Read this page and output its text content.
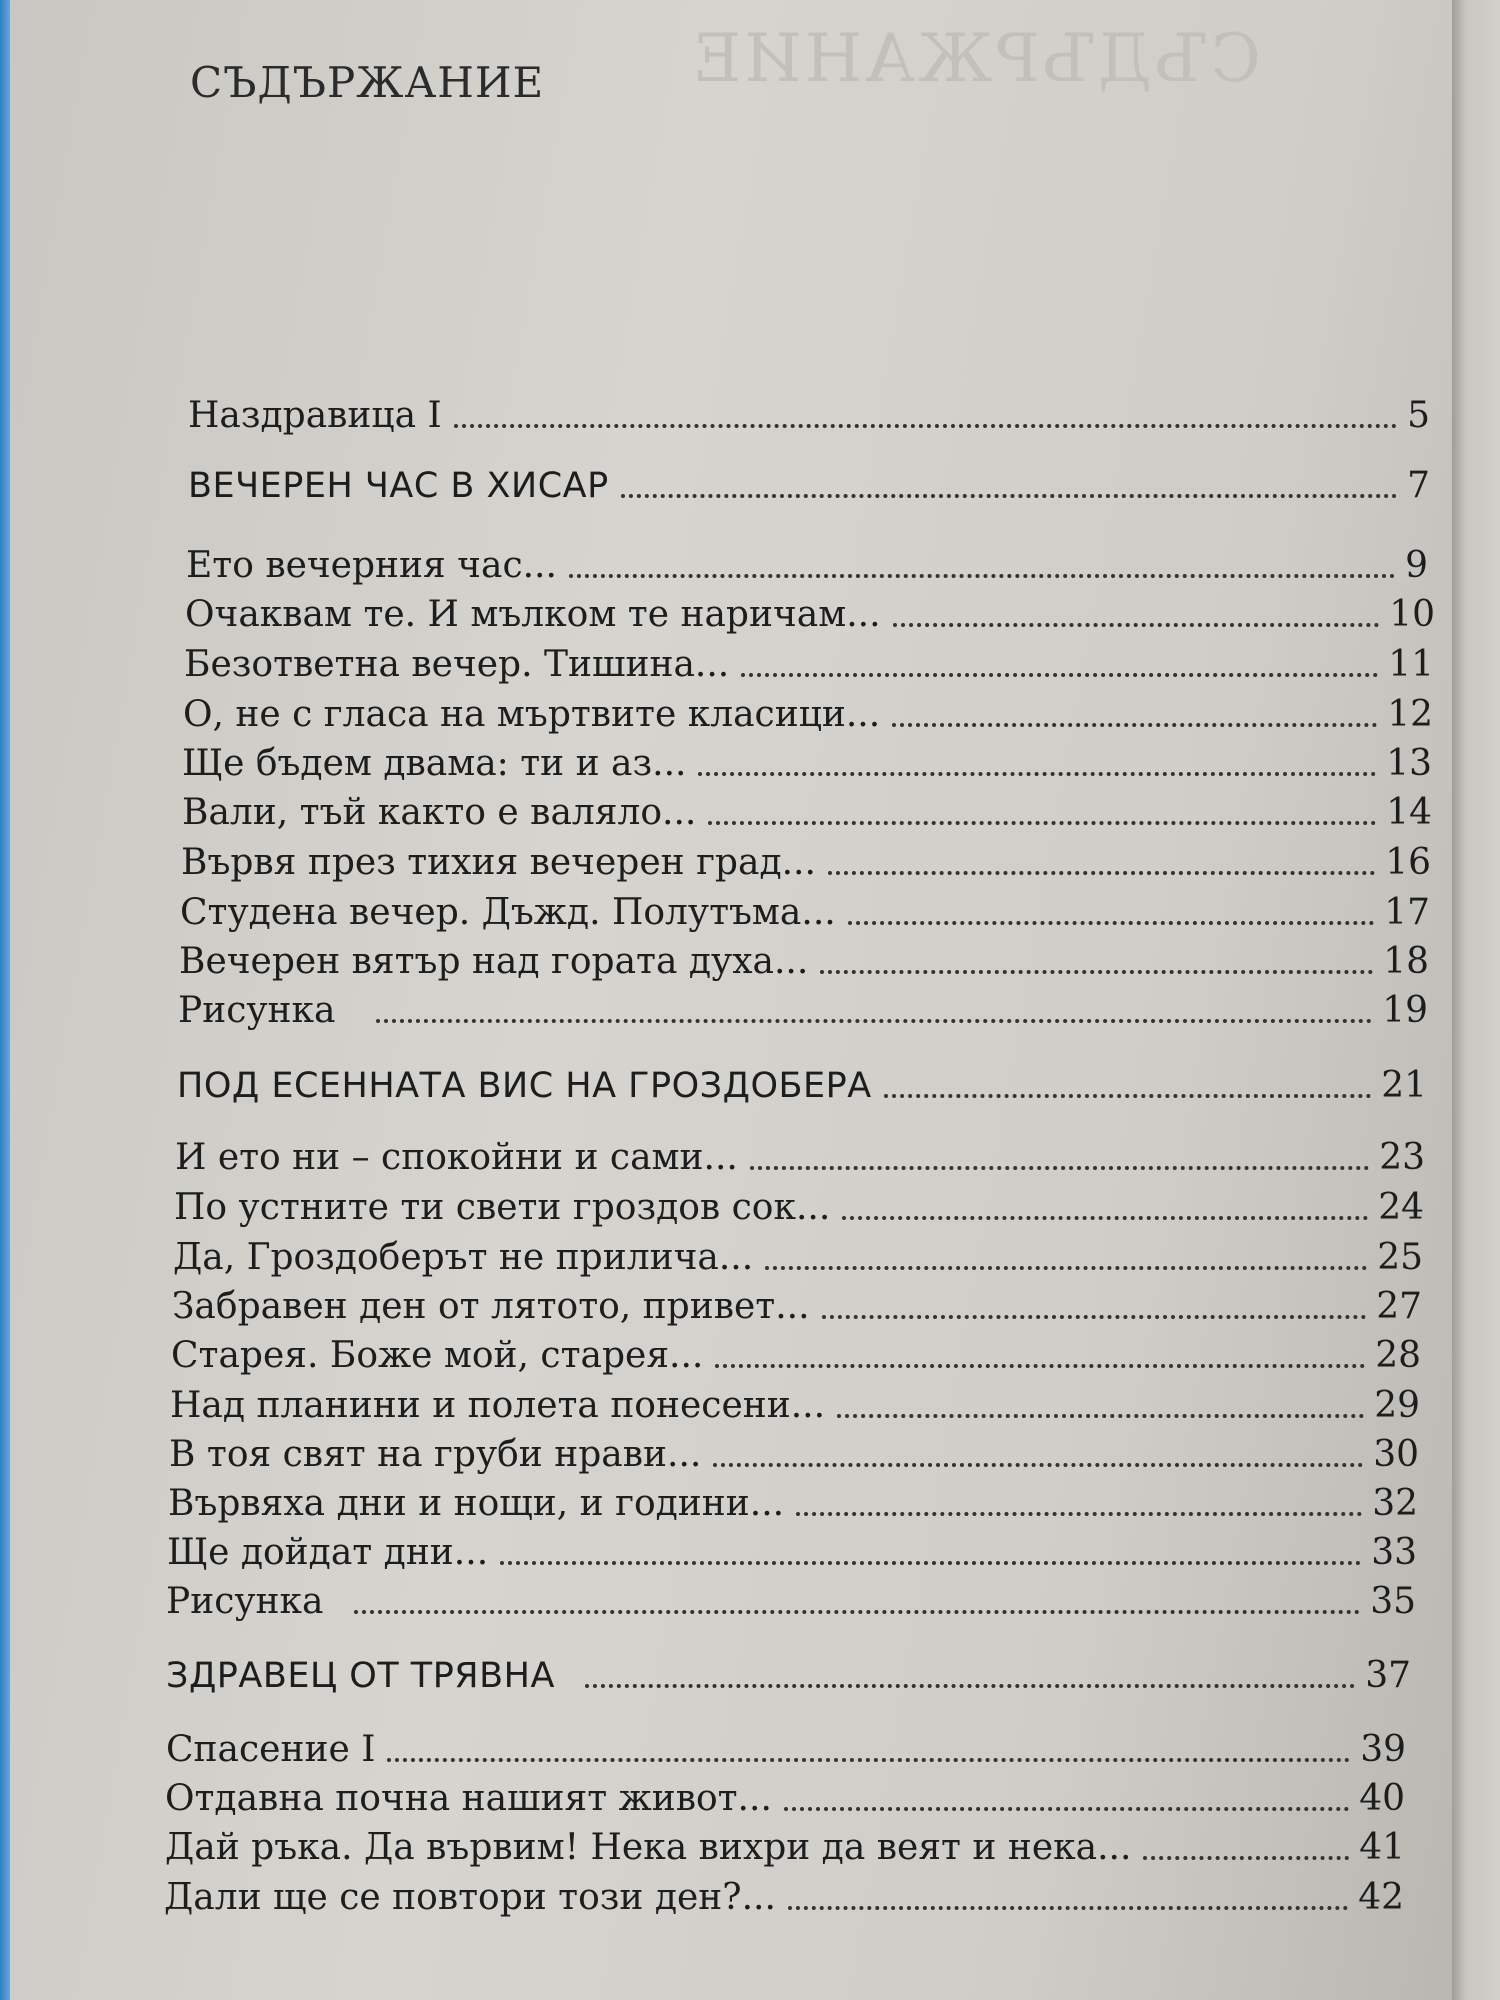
СЪДЪРЖАНИЕ
СЪДЪРЖАНИЕ
Наздравица I	5
ВЕЧЕРЕН ЧАС В ХИСАР	7
Ето вечерния час...	9
Очаквам те. И мълком те наричам...	10
Безответна вечер. Тишина...	11
О, не с гласа на мъртвите класици...	12
Ще бъдем двама: ти и аз...	13
Вали, тъй както е валяло...	14
Вървя през тихия вечерен град...	16
Студена вечер. Дъжд. Полутъма...	17
Вечерен вятър над гората духа...	18
Рисунка	19
ПОД ЕСЕННАТА ВИС НА ГРОЗДОБЕРА	21
И ето ни – спокойни и сами...	23
По устните ти свети гроздов сок...	24
Да, Гроздоберът не прилича...	25
Забравен ден от лятото, привет...	27
Старея. Боже мой, старея...	28
Над планини и полета понесени...	29
В тоя свят на груби нрави...	30
Вървяха дни и нощи, и години...	32
Ще дойдат дни...	33
Рисунка	35
ЗДРАВЕЦ ОТ ТРЯВНА	37
Спасение I	39
Отдавна почна нашият живот...	40
Дай ръка. Да вървим! Нека вихри да веят и нека...	41
Дали ще се повтори този ден?...	42
